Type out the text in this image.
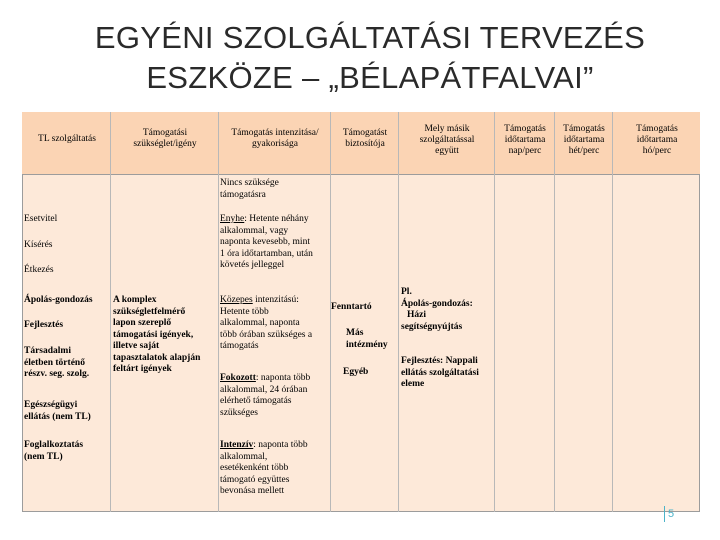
EGYÉNI SZOLGÁLTATÁSI TERVEZÉS
ESZKÖZE – „BÉLAPÁTFALVAI”
TL szolgáltatás
Támogatási
szükséglet/igény
Támogatás intenzitása/
gyakorisága
Támogatást
biztosítója
Mely másik
szolgáltatással
együtt
Támogatás
időtartama
nap/perc
Támogatás
időtartama
hét/perc
Támogatás
időtartama
hó/perc
Nincs szüksége
támogatásra
Esetvitel
Kísérés
Étkezés
Enyhe: Hetente néhány
alkalommal, vagy
naponta kevesebb, mint
1 óra időtartamban, után
követés jelleggel
Ápolás-gondozás
Fejlesztés
Társadalmi
életben történő
részv. seg. szolg.
Egészségügyi
ellátás (nem TL)
Foglalkoztatás
(nem TL)
A komplex
szükségletfelmérő
lapon szereplő
támogatási igények,
illetve saját
tapasztalatok alapján
feltárt igények
Közepes intenzitású:
Hetente több
alkalommal, naponta
több órában szükséges a
támogatás
Fokozott: naponta több
alkalommal, 24 órában
elérhető támogatás
szükséges
Intenzív: naponta több
alkalommal,
esetékenként több
támogató együttes
bevonása mellett
Fenntartó
Más
intézmény
Egyéb
Pl.
Ápolás-gondozás:
Házi
segítségnyújtás
Fejlesztés: Nappali
ellátás szolgáltatási
eleme
5
